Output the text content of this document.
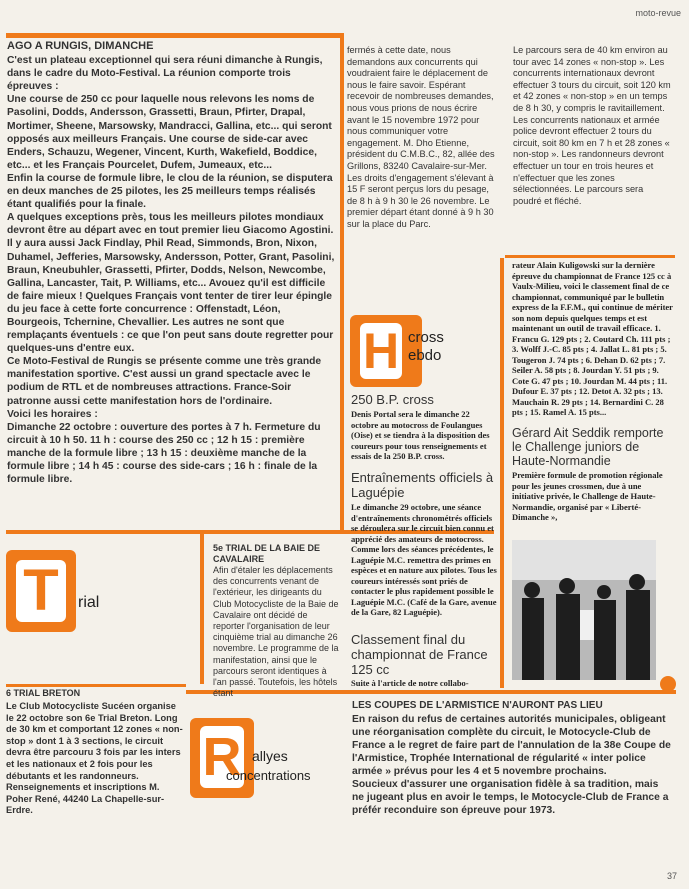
moto-revue
AGO A RUNGIS, DIMANCHE

C'est un plateau exceptionnel qui sera réuni dimanche à Rungis, dans le cadre du Moto-Festival. La réunion comporte trois épreuves :

Une course de 250 cc pour laquelle nous relevons les noms de Pasolini, Dodds, Andersson, Grassetti, Braun, Pfirter, Drapal, Mortimer, Sheene, Marsowsky, Mandracci, Gallina, etc... qui seront opposés aux meilleurs Français. Une course de side-car avec Enders, Schauzu, Wegener, Vincent, Kurth, Wakefield, Boddice, etc... et les Français Pourcelet, Dufem, Jumeaux, etc...

Enfin la course de formule libre, le clou de la réunion, se disputera en deux manches de 25 pilotes, les 25 meilleurs temps réalisés étant qualifiés pour la finale.

A quelques exceptions près, tous les meilleurs pilotes mondiaux devront être au départ avec en tout premier lieu Giacomo Agostini. Il y aura aussi Jack Findlay, Phil Read, Simmonds, Bron, Nixon, Duhamel, Jefferies, Marsowsky, Andersson, Potter, Grant, Pasolini, Braun, Kneubuhler, Grassetti, Pfirter, Dodds, Nelson, Newcombe, Gallina, Lancaster, Tait, P. Williams, etc... Avouez qu'il est difficile de faire mieux ! Quelques Français vont tenter de tirer leur épingle du jeu face à cette forte concurrence : Offenstadt, Léon, Bourgeois, Tchernine, Chevallier. Les autres ne sont que remplaçants éventuels : ce que l'on peut sans doute regretter pour quelques-uns d'entre eux.

Ce Moto-Festival de Rungis se présente comme une très grande manifestation sportive. C'est aussi un grand spectacle avec le podium de RTL et de nombreuses attractions. France-Soir patronne aussi cette manifestation hors de l'ordinaire.

Voici les horaires :

Dimanche 22 octobre : ouverture des portes à 7 h. Fermeture du circuit à 10 h 50. 11 h : course des 250 cc ; 12 h 15 : première manche de la formule libre ; 13 h 15 : deuxième manche de la formule libre ; 14 h 45 : course des side-cars ; 16 h : finale de la formule libre.

fermés à cette date, nous demandons aux concurrents qui voudraient faire le déplacement de nous le faire savoir. Espérant recevoir de nombreuses demandes, nous vous prions de nous écrire avant le 15 novembre 1972 pour nous communiquer votre engagement. M. Dho Etienne, président du C.M.B.C., 82, allée des Grillons, 83240 Cavalaire-sur-Mer. Les droits d'engagement s'élevant à 15 F seront perçus lors du pesage, de 8 h à 9 h 30 le 26 novembre. Le premier départ étant donné à 9 h 30 sur la place du Parc.
Le parcours sera de 40 km environ au tour avec 14 zones « non-stop ». Les concurrents internationaux devront effectuer 3 tours du circuit, soit 120 km et 42 zones « non-stop » en un temps de 8 h 30, y compris le ravitaillement. Les concurrents nationaux et armée police devront effectuer 2 tours du circuit, soit 80 km en 7 h et 28 zones « non-stop ». Les randonneurs devront effectuer un tour en trois heures et n'effectuer que les zones sélectionnées. Le parcours sera poudré et fléché.
H cross
ebdo
250 B.P. cross

Denis Portal sera le dimanche 22 octobre au motocross de Foulangues (Oise) et se tiendra à la disposition des coureurs pour tous renseignements et essais de la 250 B.P. cross.

Entraînements officiels à Laguépie

Le dimanche 29 octobre, une séance d'entraînements chronométrés officiels se déroulera sur le circuit bien connu et apprécié des amateurs de motocross. Comme lors des séances précédentes, le Laguépie M.C. remettra des primes en espèces et en nature aux pilotes. Tous les coureurs intéressés sont priés de contacter le plus rapidement possible le Laguépie M.C. (Café de la Gare, avenue de la Gare, 82 Laguépie).

Classement final du championnat de France 125 cc

Suite à l'article de notre collabo-

rateur Alain Kuligowski sur la dernière épreuve du championnat de France 125 cc à Vaulx-Milieu, voici le classement final de ce championnat, communiqué par le bulletin express de la F.F.M., qui continue de mériter son nom depuis quelques temps et est maintenant un outil de travail efficace. 1. Francu G. 129 pts ; 2. Coutard Ch. 111 pts ; 3. Wolff J.-C. 85 pts ; 4. Jallat L. 81 pts ; 5. Tougeron J. 74 pts ; 6. Dehan D. 62 pts ; 7. Seiler A. 58 pts ; 8. Jourdan Y. 51 pts ; 9. Cote G. 47 pts ; 10. Jourdan M. 44 pts ; 11. Dufour E. 37 pts ; 12. Detot A. 32 pts ; 13. Mauchain R. 29 pts ; 14. Bernardini C. 28 pts ; 15. Ramel A. 15 pts...

Gérard Ait Seddik remporte le Challenge juniors de Haute-Normandie

Première formule de promotion régionale pour les jeunes crossmen, due à une initiative privée, le Challenge de Haute-Normandie, organisé par « Liberté-Dimanche »,

T	rial
5e TRIAL DE LA BAIE DE CAVALAIRE

Afin d'étaler les déplacements des concurrents venant de l'extérieur, les dirigeants du Club Motocycliste de la Baie de Cavalaire ont décidé de reporter l'organisation de leur cinquième trial au dimanche 26 novembre. Le programme de la manifestation, ainsi que le parcours seront identiques à l'an passé. Toutefois, les hôtels étant

6 TRIAL BRETON

Le Club Motocycliste Sucéen organise le 22 octobre son 6e Trial Breton. Long de 30 km et comportant 12 zones « non-stop » dont 1 à 3 sections, le circuit devra être parcouru 3 fois par les inters et les nationaux et 2 fois pour les débutants et les randonneurs. Renseignements et inscriptions M. Poher René, 44240 La Chapelle-sur-Erdre.

R allyes
concentrations
LES COUPES DE L'ARMISTICE N'AURONT PAS LIEU

En raison du refus de certaines autorités municipales, obligeant une réorganisation complète du circuit, le Motocycle-Club de France a le regret de faire part de l'annulation de la 38e Coupe de l'Armistice, Trophée International de régularité « inter police armée » prévus pour les 4 et 5 novembre prochains.

Soucieux d'assurer une organisation fidèle à sa tradition, mais ne jugeant plus en avoir le temps, le Motocycle-Club de France a préfér reconduire son épreuve pour 1973.

37
